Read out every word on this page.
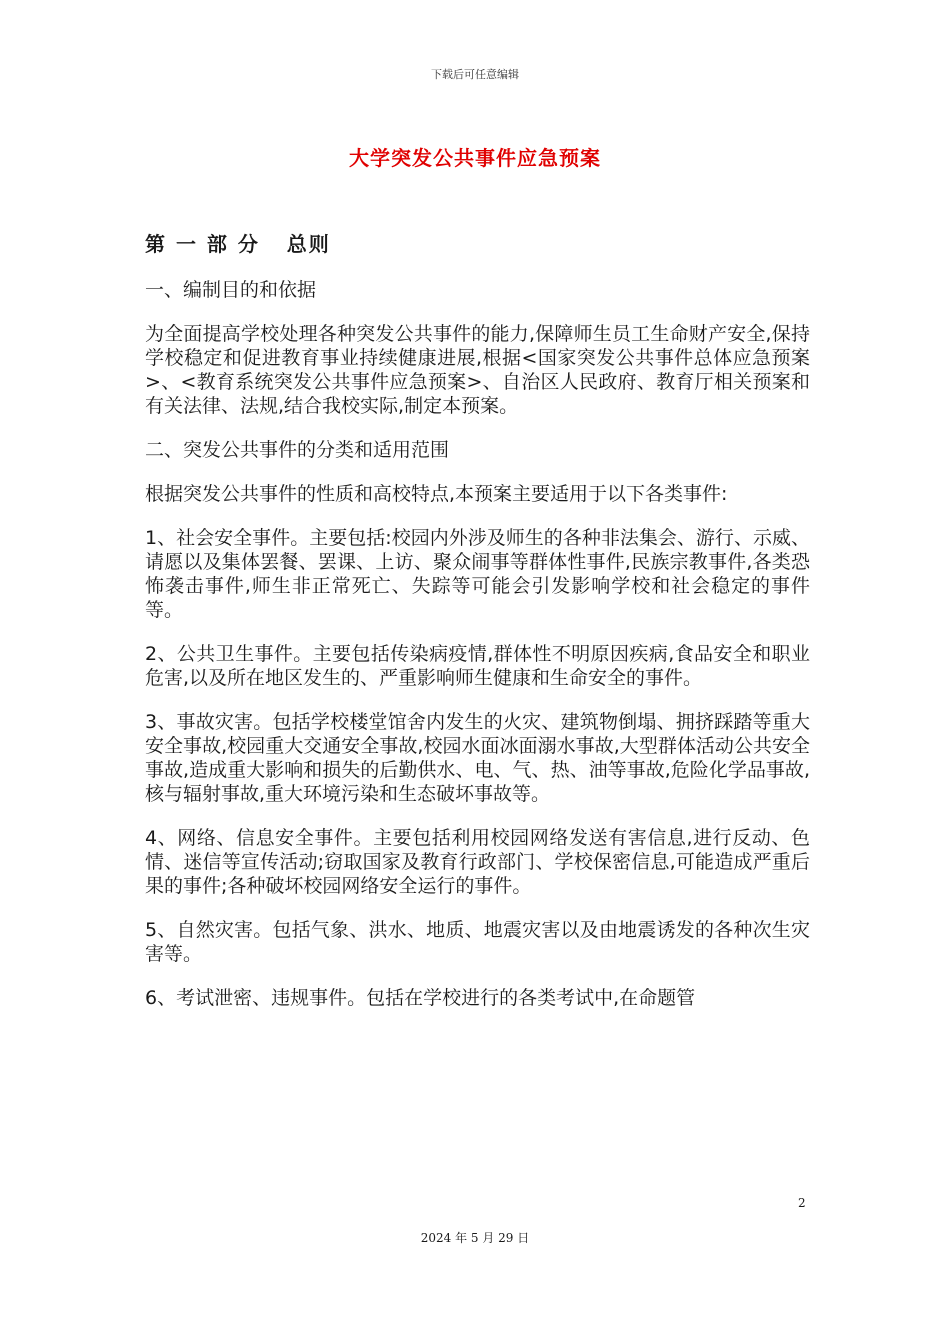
下载后可任意编辑
大学突发公共事件应急预案
第 一 部 分   总则
一、编制目的和依据
为全面提高学校处理各种突发公共事件的能力,保障师生员工生命财产安全,保持学校稳定和促进教育事业持续健康进展,根据<国家突发公共事件总体应急预案>、<教育系统突发公共事件应急预案>、自治区人民政府、教育厅相关预案和有关法律、法规,结合我校实际,制定本预案。
二、突发公共事件的分类和适用范围
根据突发公共事件的性质和高校特点,本预案主要适用于以下各类事件:
1、社会安全事件。主要包括:校园内外涉及师生的各种非法集会、游行、示威、请愿以及集体罢餐、罢课、上访、聚众闹事等群体性事件,民族宗教事件,各类恐怖袭击事件,师生非正常死亡、失踪等可能会引发影响学校和社会稳定的事件等。
2、公共卫生事件。主要包括传染病疫情,群体性不明原因疾病,食品安全和职业危害,以及所在地区发生的、严重影响师生健康和生命安全的事件。
3、事故灾害。包括学校楼堂馆舍内发生的火灾、建筑物倒塌、拥挤踩踏等重大安全事故,校园重大交通安全事故,校园水面冰面溺水事故,大型群体活动公共安全事故,造成重大影响和损失的后勤供水、电、气、热、油等事故,危险化学品事故,核与辐射事故,重大环境污染和生态破坏事故等。
4、网络、信息安全事件。主要包括利用校园网络发送有害信息,进行反动、色情、迷信等宣传活动;窃取国家及教育行政部门、学校保密信息,可能造成严重后果的事件;各种破坏校园网络安全运行的事件。
5、自然灾害。包括气象、洪水、地质、地震灾害以及由地震诱发的各种次生灾害等。
6、考试泄密、违规事件。包括在学校进行的各类考试中,在命题管
2
2024 年 5 月 29 日
